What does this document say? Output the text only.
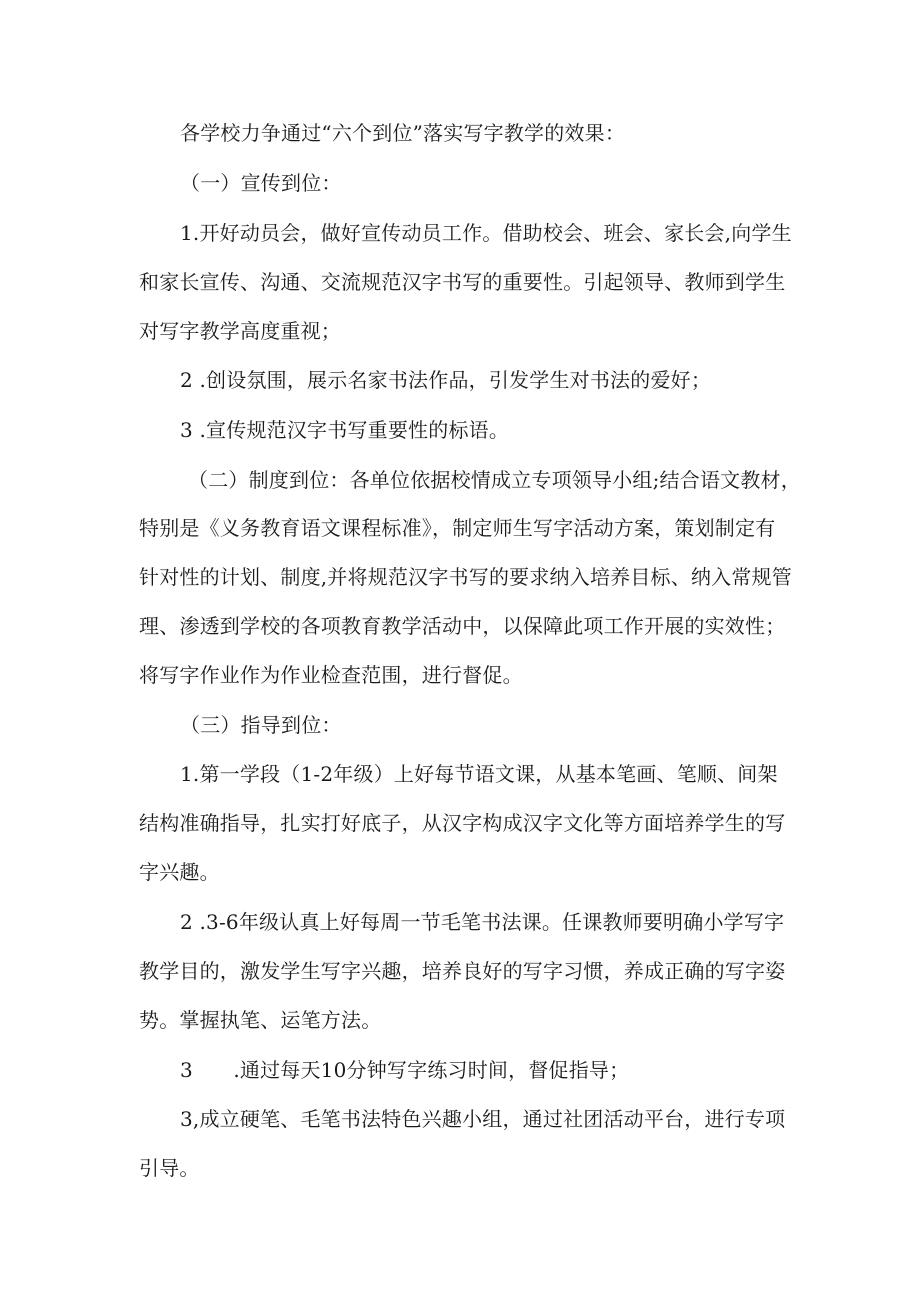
各学校力争通过“六个到位”落实写字教学的效果：
（一）宣传到位：
1.开好动员会，做好宣传动员工作。借助校会、班会、家长会,向学生
和家长宣传、沟通、交流规范汉字书写的重要性。引起领导、教师到学生
对写字教学高度重视；
2 .创设氛围，展示名家书法作品，引发学生对书法的爱好；
3 .宣传规范汉字书写重要性的标语。
（二）制度到位：各单位依据校情成立专项领导小组;结合语文教材，
特别是《义务教育语文课程标准》，制定师生写字活动方案，策划制定有
针对性的计划、制度,并将规范汉字书写的要求纳入培养目标、纳入常规管
理、渗透到学校的各项教育教学活动中，以保障此项工作开展的实效性；
将写字作业作为作业检查范围，进行督促。
（三）指导到位：
1.第一学段（1-2年级）上好每节语文课，从基本笔画、笔顺、间架
结构准确指导，扎实打好底子，从汉字构成汉字文化等方面培养学生的写
字兴趣。
2 .3-6年级认真上好每周一节毛笔书法课。任课教师要明确小学写字
教学目的，激发学生写字兴趣，培养良好的写字习惯，养成正确的写字姿
势。掌握执笔、运笔方法。
3　　.通过每天10分钟写字练习时间，督促指导；
3,成立硬笔、毛笔书法特色兴趣小组，通过社团活动平台，进行专项
引导。
